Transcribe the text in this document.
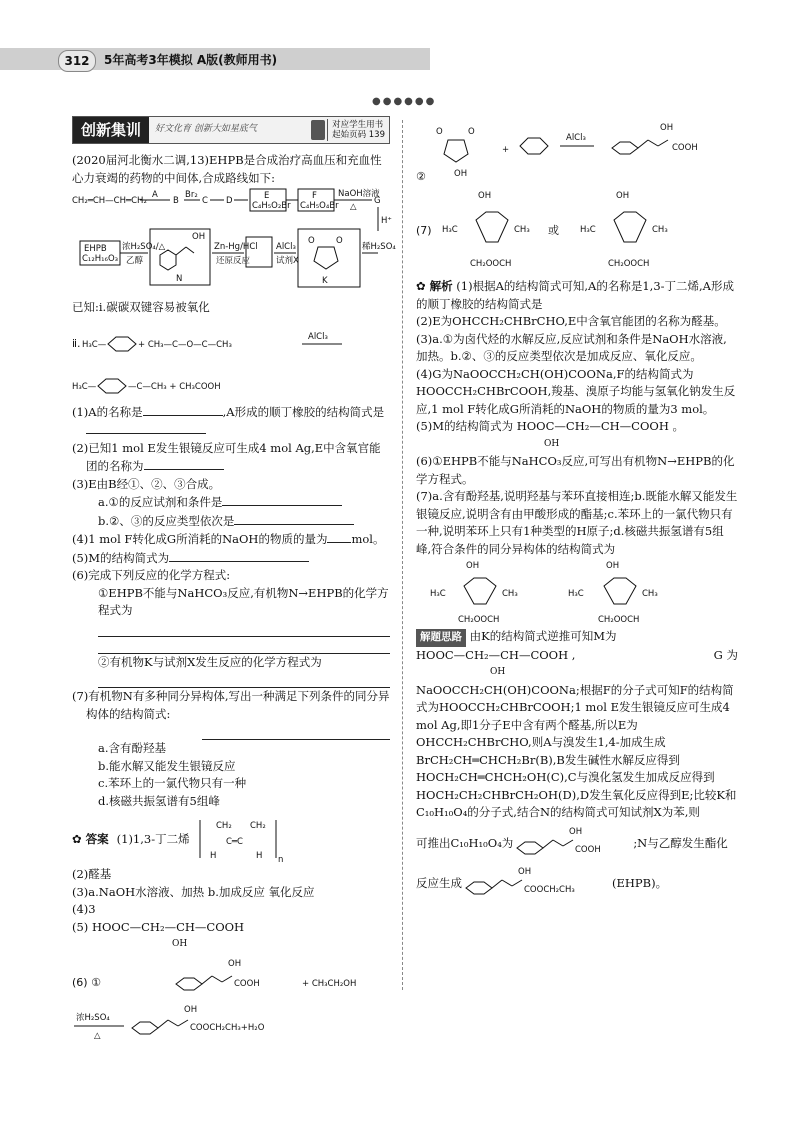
312	5年高考3年模拟 A版(教师用书)
●●●●●●
创新集训	好文化育 创新大如星底气	对应学生用书
起始页码 139

(2020届河北衡水二调,13)EHPB是合成治疗高血压和充血性心力衰竭的药物的中间体,合成路线如下:

CH₂═CH—CH═CH₂
A	Br₂
B	C D	E
C₄H₅O₂Br
F
C₄H₅O₄Br
NaOH溶液
△
G
H⁺
EHPB
C₁₂H₁₆O₃
浓H₂SO₄/△
乙醇
OH
N
Zn-Hg/HCl
还原反应
AlCl₃
试剂X
O	O
K
稀H₂SO₄

已知:ⅰ.碳碳双键容易被氧化

ⅱ. H₃C—	+ CH₃—C—O—C—CH₃
AlCl₃
H₃C—	—C—CH₃ + CH₃COOH

(1)A的名称是	,A形成的顺丁橡胶的结构简式是

(2)已知1 mol E发生银镜反应可生成4 mol Ag,E中含氧官能团的名称为

(3)E由B经①、②、③合成。

a.①的反应试剂和条件是

b.②、③的反应类型依次是

(4)1 mol F转化成G所消耗的NaOH的物质的量为 mol。

(5)M的结构简式为

(6)完成下列反应的化学方程式:

①EHPB不能与NaHCO₃反应,有机物N→EHPB的化学方程式为

②有机物K与试剂X发生反应的化学方程式为

(7)有机物N有多种同分异构体,写出一种满足下列条件的同分异构体的结构简式:

a.含有酚羟基

b.能水解又能发生银镜反应

c.苯环上的一氯代物只有一种

d.核磁共振氢谱有5组峰

✿ 答案 (1)1,3-丁二烯
CH₂ CH₂
C═C
H	H n

(2)醛基

(3)a.NaOH水溶液、加热 b.加成反应 氧化反应

(4)3

(5) HOOC—CH₂—CH—COOH

OH

(6) ①
OH
COOH	+ CH₃CH₂OH
浓H₂SO₄
△
OH
COOCH₂CH₃+H₂O
②
O	O
OH
+
AlCl₃
OH
COOH
(7)
OH
H₃C	CH₃
CH₂OOCH
或
OH
H₃C	CH₃
CH₂OOCH

✿ 解析 (1)根据A的结构简式可知,A的名称是1,3-丁二烯,A形成的顺丁橡胶的结构简式是

(2)E为OHCCH₂CHBrCHO,E中含氧官能团的名称为醛基。

(3)a.①为卤代烃的水解反应,反应试剂和条件是NaOH水溶液,加热。b.②、③的反应类型依次是加成反应、氧化反应。

(4)G为NaOOCCH₂CH(OH)COONa,F的结构简式为HOOCCH₂CHBrCOOH,羧基、溴原子均能与氢氧化钠发生反应,1 mol F转化成G所消耗的NaOH的物质的量为3 mol。

(5)M的结构简式为 HOOC—CH₂—CH—COOH 。

OH

(6)①EHPB不能与NaHCO₃反应,可写出有机物N→EHPB的化学方程式。

(7)a.含有酚羟基,说明羟基与苯环直接相连;b.既能水解又能发生银镜反应,说明含有由甲酸形成的酯基;c.苯环上的一氯代物只有一种,说明苯环上只有1种类型的H原子;d.核磁共振氢谱有5组峰,符合条件的同分异构体的结构简式为

OH
H₃C	CH₃
CH₂OOCH
OH
H₃C	CH₃
CH₂OOCH

解题思路 由K的结构简式逆推可知M为

HOOC—CH₂—CH—COOH ,	G 为

OH

NaOOCCH₂CH(OH)COONa;根据F的分子式可知F的结构简式为HOOCCH₂CHBrCOOH;1 mol E发生银镜反应可生成4 mol Ag,即1分子E中含有两个醛基,所以E为OHCCH₂CHBrCHO,则A与溴发生1,4-加成生成BrCH₂CH═CHCH₂Br(B),B发生碱性水解反应得到HOCH₂CH═CHCH₂OH(C),C与溴化氢发生加成反应得到HOCH₂CH₂CHBrCH₂OH(D),D发生氧化反应得到E;比较K和C₁₀H₁₀O₄的分子式,结合N的结构简式可知试剂X为苯,则

可推出C₁₀H₁₀O₄为
OH
COOH	;N与乙醇发生酯化
反应生成
OH
COOCH₂CH₃	(EHPB)。
